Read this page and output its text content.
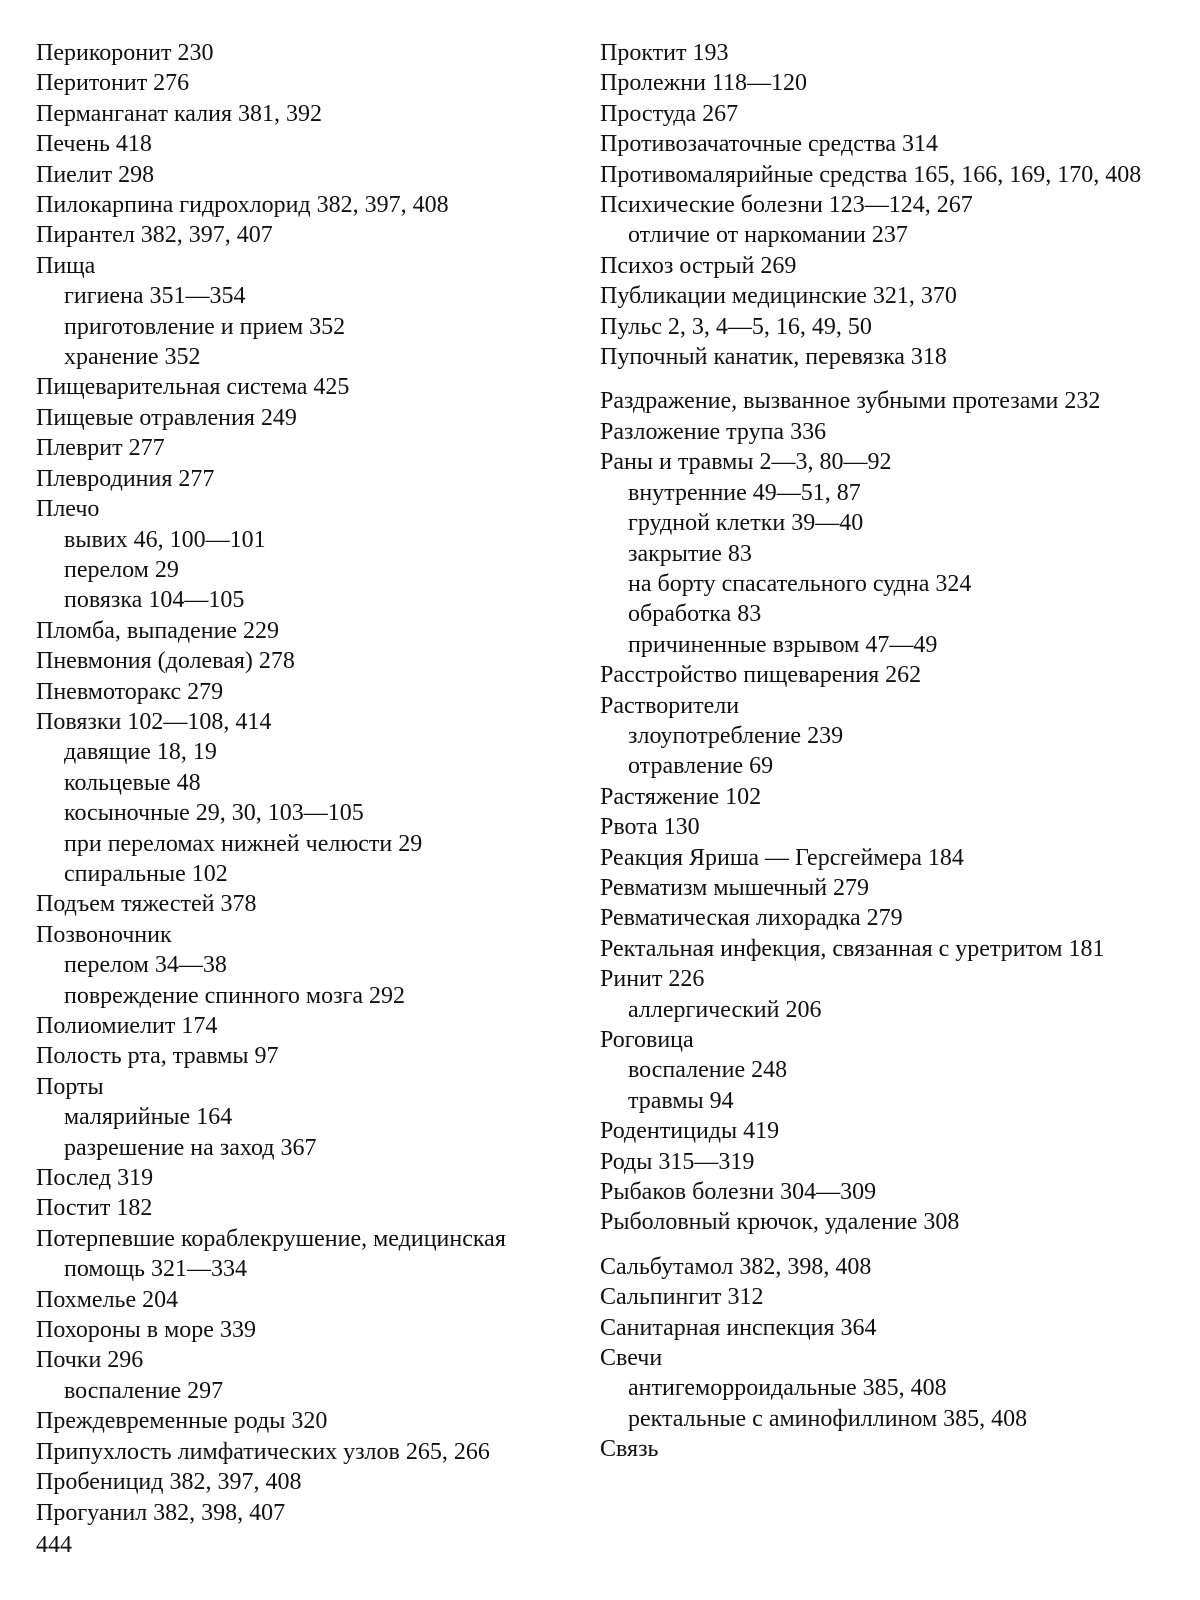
Перикоронит 230
Перитонит 276
Перманганат калия 381, 392
Печень 418
Пиелит 298
Пилокарпина гидрохлорид 382, 397, 408
Пирантел 382, 397, 407
Пища
гигиена 351—354
приготовление и прием 352
хранение 352
Пищеварительная система 425
Пищевые отравления 249
Плеврит 277
Плевродиния 277
Плечо
вывих 46, 100—101
перелом 29
повязка 104—105
Пломба, выпадение 229
Пневмония (долевая) 278
Пневмоторакс 279
Повязки 102—108, 414
давящие 18, 19
кольцевые 48
косыночные 29, 30, 103—105
при переломах нижней челюсти 29
спиральные 102
Подъем тяжестей 378
Позвоночник
перелом 34—38
повреждение спинного мозга 292
Полиомиелит 174
Полость рта, травмы 97
Порты
малярийные 164
разрешение на заход 367
Послед 319
Постит 182
Потерпевшие кораблекрушение, медицинская помощь 321—334
Похмелье 204
Похороны в море 339
Почки 296
воспаление 297
Преждевременные роды 320
Припухлость лимфатических узлов 265, 266
Пробеницид 382, 397, 408
Прогуанил 382, 398, 407
Проктит 193
Пролежни 118—120
Простуда 267
Противозачаточные средства 314
Противомалярийные средства 165, 166, 169, 170, 408
Психические болезни 123—124, 267
отличие от наркомании 237
Психоз острый 269
Публикации медицинские 321, 370
Пульс 2, 3, 4—5, 16, 49, 50
Пупочный канатик, перевязка 318
Раздражение, вызванное зубными протезами 232
Разложение трупа 336
Раны и травмы 2—3, 80—92
внутренние 49—51, 87
грудной клетки 39—40
закрытие 83
на борту спасательного судна 324
обработка 83
причиненные взрывом 47—49
Расстройство пищеварения 262
Растворители
злоупотребление 239
отравление 69
Растяжение 102
Рвота 130
Реакция Яриша — Герсгеймера 184
Ревматизм мышечный 279
Ревматическая лихорадка 279
Ректальная инфекция, связанная с уретритом 181
Ринит 226
аллергический 206
Роговица
воспаление 248
травмы 94
Родентициды 419
Роды 315—319
Рыбаков болезни 304—309
Рыболовный крючок, удаление 308
Сальбутамол 382, 398, 408
Сальпингит 312
Санитарная инспекция 364
Свечи
антигеморроидальные 385, 408
ректальные с аминофиллином 385, 408
Связь
444
